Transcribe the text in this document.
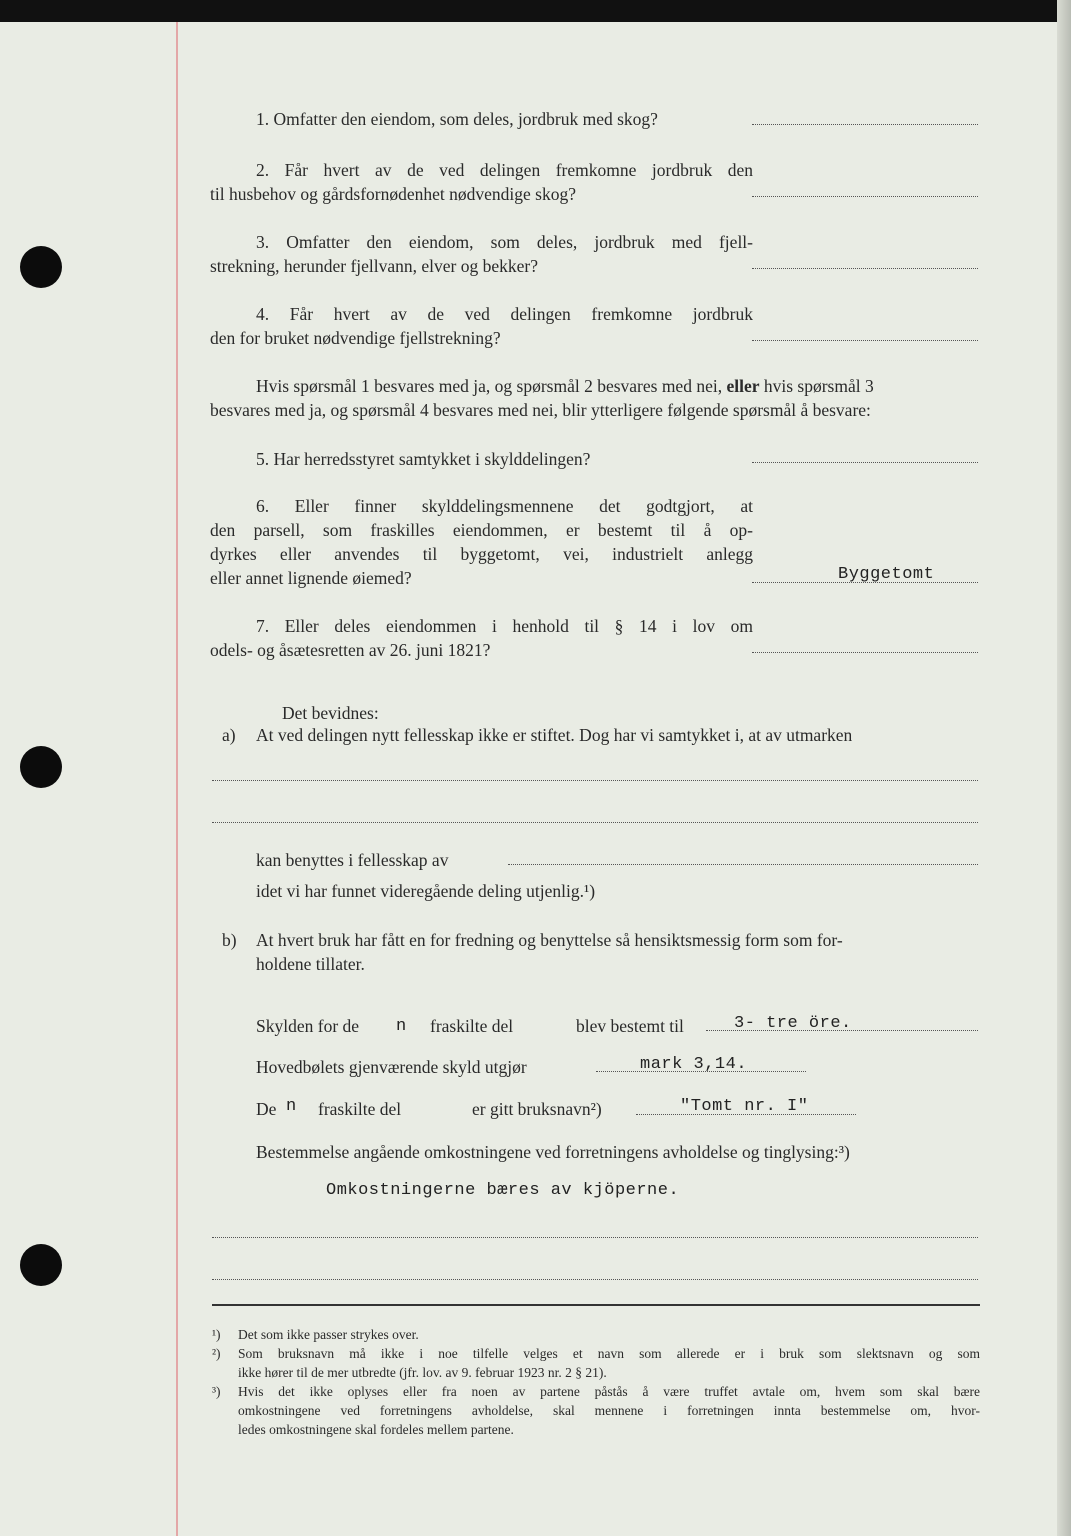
1. Omfatter den eiendom, som deles, jordbruk med skog?
2. Får hvert av de ved delingen fremkomne jordbruk den
til husbehov og gårdsfornødenhet nødvendige skog?
3. Omfatter den eiendom, som deles, jordbruk med fjell-
strekning, herunder fjellvann, elver og bekker?
4. Får hvert av de ved delingen fremkomne jordbruk
den for bruket nødvendige fjellstrekning?
Hvis spørsmål 1 besvares med ja, og spørsmål 2 besvares med nei, eller hvis spørsmål 3
besvares med ja, og spørsmål 4 besvares med nei, blir ytterligere følgende spørsmål å besvare:
5. Har herredsstyret samtykket i skylddelingen?
6. Eller finner skylddelingsmennene det godtgjort, at
den parsell, som fraskilles eiendommen, er bestemt til å op-
dyrkes eller anvendes til byggetomt, vei, industrielt anlegg
eller annet lignende øiemed?	Byggetomt
7. Eller deles eiendommen i henhold til § 14 i lov om
odels- og åsætesretten av 26. juni 1821?
Det bevidnes:
a) At ved delingen nytt fellesskap ikke er stiftet. Dog har vi samtykket i, at av utmarken
kan benyttes i fellesskap av
idet vi har funnet videregående deling utjenlig.¹)
b) At hvert bruk har fått en for fredning og benyttelse så hensiktsmessig form som for-
holdene tillater.
Skylden for de n fraskilte del	blev bestemt til	3- tre öre.
Hovedbølets gjenværende skyld utgjør	mark 3,14.
De n fraskilte del	er gitt bruksnavn²)	"Tomt nr. I"
Bestemmelse angående omkostningene ved forretningens avholdelse og tinglysing:³)
Omkostningerne bæres av kjöperne.
¹) Det som ikke passer strykes over.
²) Som bruksnavn må ikke i noe tilfelle velges et navn som allerede er i bruk som slektsnavn og som
ikke hører til de mer utbredte (jfr. lov. av 9. februar 1923 nr. 2 § 21).
³) Hvis det ikke oplyses eller fra noen av partene påstås å være truffet avtale om, hvem som skal bære
omkostningene ved forretningens avholdelse, skal mennene i forretningen innta bestemmelse om, hvor-
ledes omkostningene skal fordeles mellem partene.
